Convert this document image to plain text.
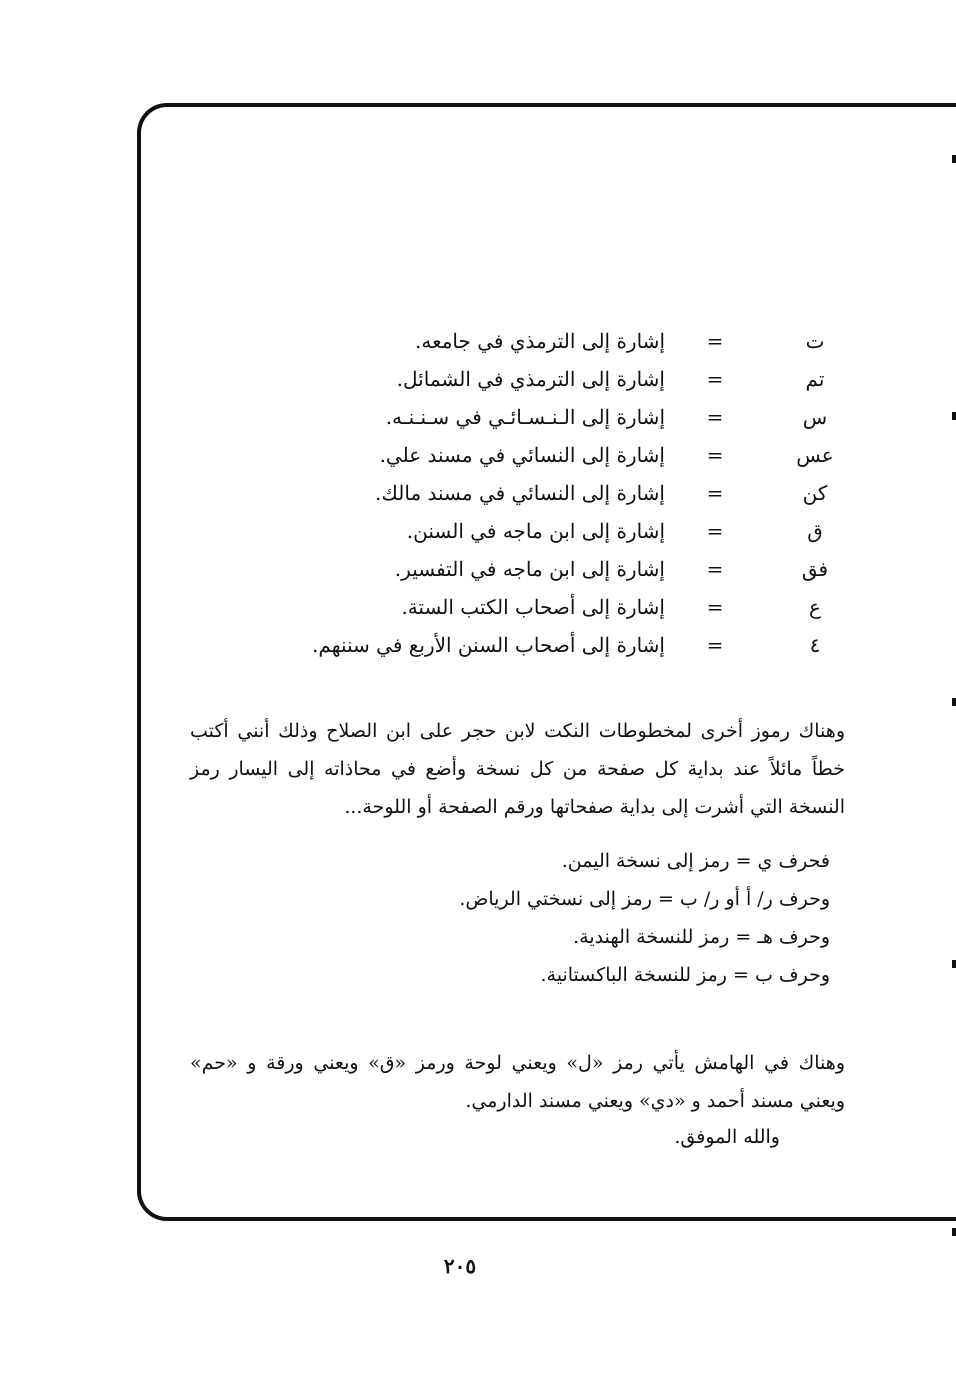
ت
=
إشارة إلى الترمذي في جامعه.
تم
=
إشارة إلى الترمذي في الشمائل.
س
=
إشارة إلى الـنـسـائـي في سـنـنـه.
عس
=
إشارة إلى النسائي في مسند علي.
كن
=
إشارة إلى النسائي في مسند مالك.
ق
=
إشارة إلى ابن ماجه في السنن.
فق
=
إشارة إلى ابن ماجه في التفسير.
ع
=
إشارة إلى أصحاب الكتب الستة.
٤
=
إشارة إلى أصحاب السنن الأربع في سننهم.

وهناك رموز أخرى لمخطوطات النكت لابن حجر على ابن الصلاح وذلك أنني أكتب خطاً مائلاً عند بداية كل صفحة من كل نسخة وأضع في محاذاته إلى اليسار رمز النسخة التي أشرت إلى بداية صفحاتها ورقم الصفحة أو اللوحة...

فحرف ي = رمز إلى نسخة اليمن.
وحرف ر/ أ أو ر/ ب = رمز إلى نسختي الرياض.
وحرف هـ = رمز للنسخة الهندية.
وحرف ب = رمز للنسخة الباكستانية.

وهناك في الهامش يأتي رمز «ل» ويعني لوحة ورمز «ق» ويعني ورقة و «حم» ويعني مسند أحمد و «دي» ويعني مسند الدارمي.

والله الموفق.
٢٠٥
